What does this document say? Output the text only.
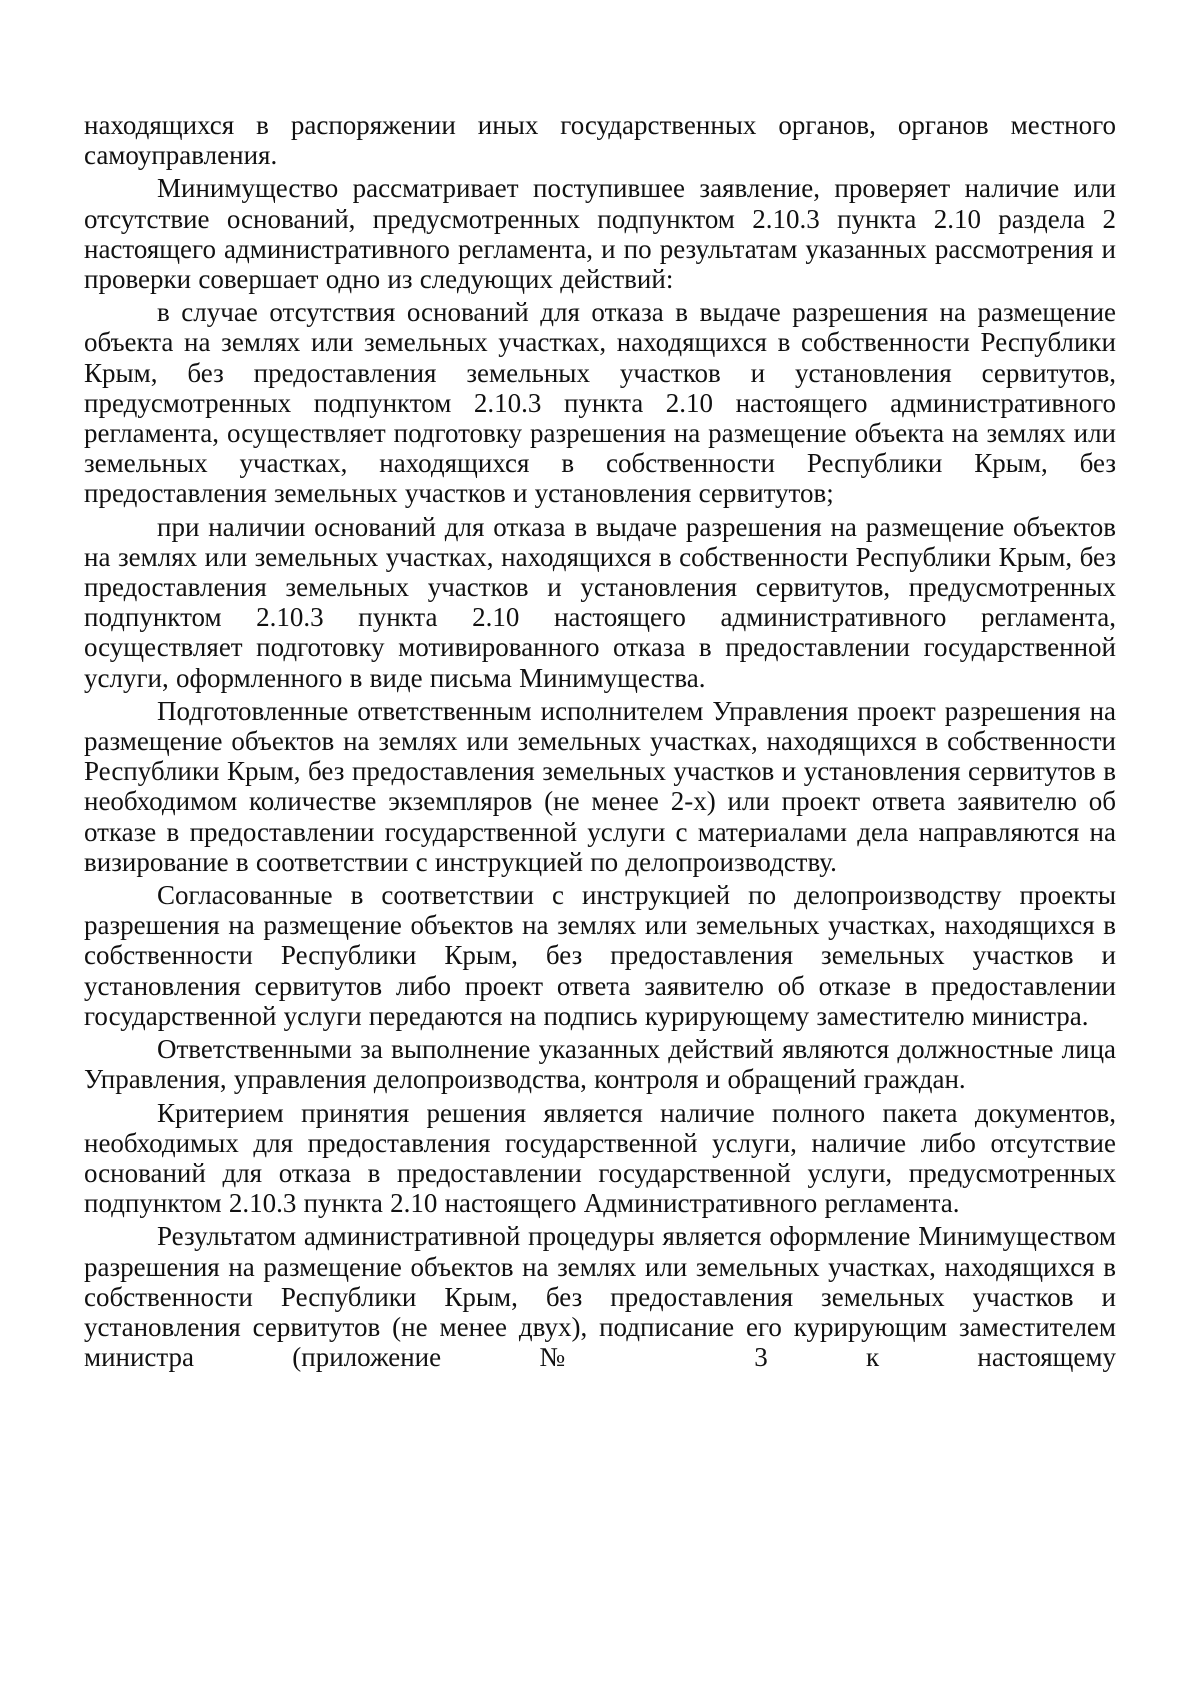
находящихся в распоряжении иных государственных органов, органов местного самоуправления.

Минимущество рассматривает поступившее заявление, проверяет наличие или отсутствие оснований, предусмотренных подпунктом 2.10.3 пункта 2.10 раздела 2 настоящего административного регламента, и по результатам указанных рассмотрения и проверки совершает одно из следующих действий:

в случае отсутствия оснований для отказа в выдаче разрешения на размещение объекта на землях или земельных участках, находящихся в собственности Республики Крым, без предоставления земельных участков и установления сервитутов, предусмотренных подпунктом 2.10.3 пункта 2.10 настоящего административного регламента, осуществляет подготовку разрешения на размещение объекта на землях или земельных участках, находящихся в собственности Республики Крым, без предоставления земельных участков и установления сервитутов;

при наличии оснований для отказа в выдаче разрешения на размещение объектов на землях или земельных участках, находящихся в собственности Республики Крым, без предоставления земельных участков и установления сервитутов, предусмотренных подпунктом 2.10.3 пункта 2.10 настоящего административного регламента, осуществляет подготовку мотивированного отказа в предоставлении государственной услуги, оформленного в виде письма Минимущества.

Подготовленные ответственным исполнителем Управления проект разрешения на размещение объектов на землях или земельных участках, находящихся в собственности Республики Крым, без предоставления земельных участков и установления сервитутов в необходимом количестве экземпляров (не менее 2-х) или проект ответа заявителю об отказе в предоставлении государственной услуги с материалами дела направляются на визирование в соответствии с инструкцией по делопроизводству.

Согласованные в соответствии с инструкцией по делопроизводству проекты разрешения на размещение объектов на землях или земельных участках, находящихся в собственности Республики Крым, без предоставления земельных участков и установления сервитутов либо проект ответа заявителю об отказе в предоставлении государственной услуги передаются на подпись курирующему заместителю министра.

Ответственными за выполнение указанных действий являются должностные лица Управления, управления делопроизводства, контроля и обращений граждан.

Критерием принятия решения является наличие полного пакета документов, необходимых для предоставления государственной услуги, наличие либо отсутствие оснований для отказа в предоставлении государственной услуги, предусмотренных подпунктом 2.10.3 пункта 2.10 настоящего Административного регламента.

Результатом административной процедуры является оформление Минимуществом разрешения на размещение объектов на землях или земельных участках, находящихся в собственности Республики Крым, без предоставления земельных участков и установления сервитутов (не менее двух), подписание его курирующим заместителем министра (приложение № 3 к настоящему
